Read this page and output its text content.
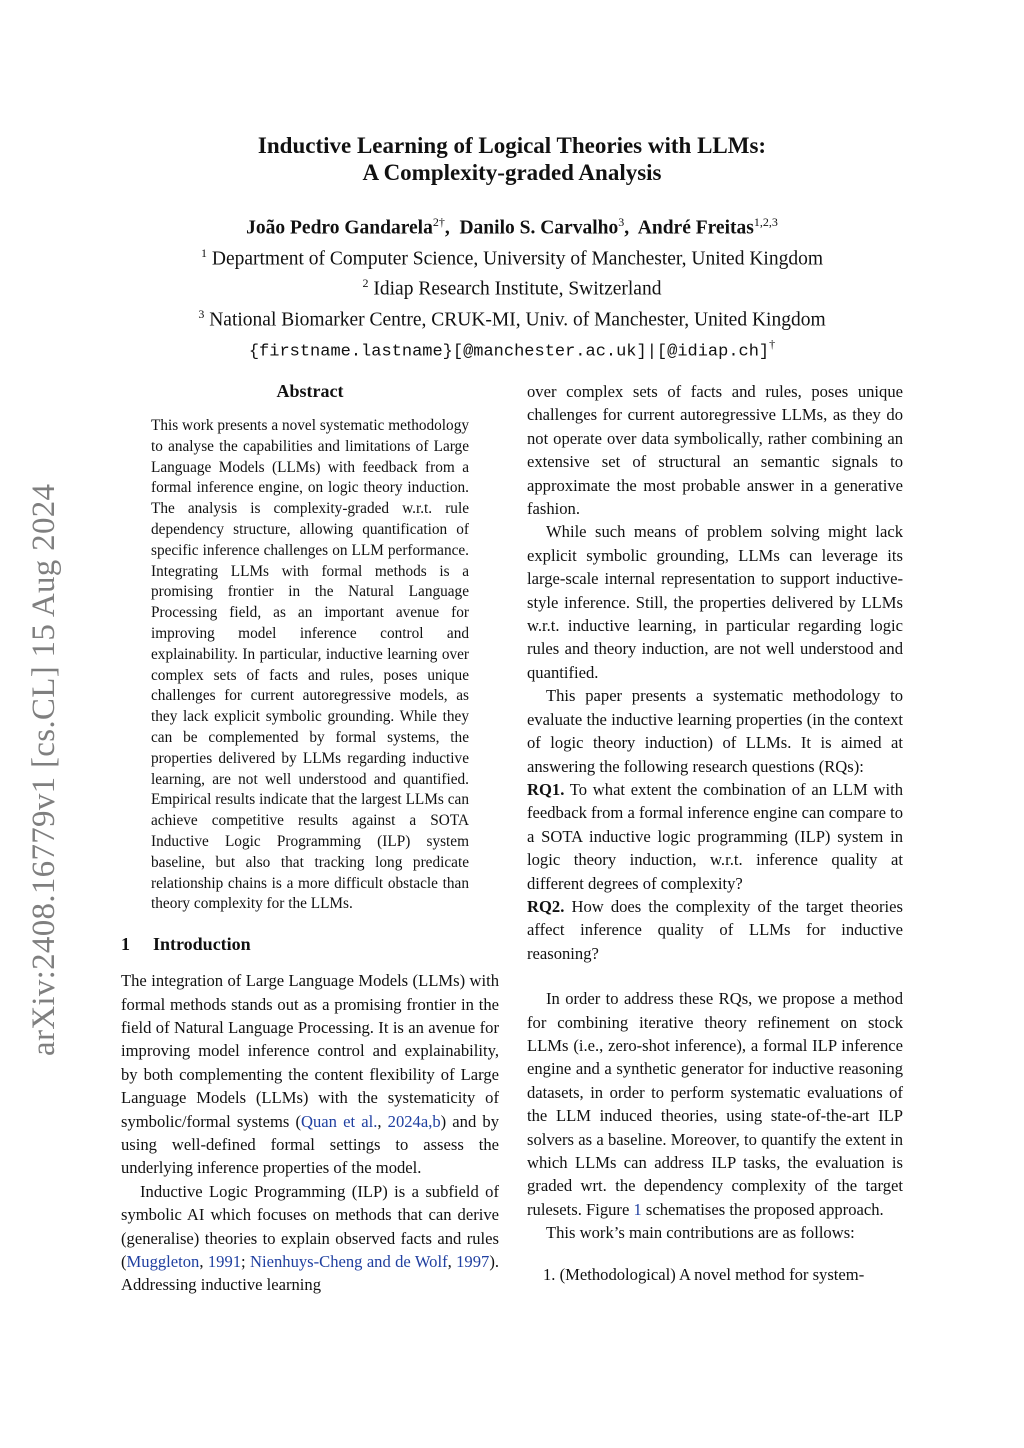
arXiv:2408.16779v1 [cs.CL] 15 Aug 2024
Inductive Learning of Logical Theories with LLMs:
A Complexity-graded Analysis
João Pedro Gandarela$^{2\dagger}$,  Danilo S. Carvalho$^3$,  André Freitas$^{1,2,3}$
$^1$ Department of Computer Science, University of Manchester, United Kingdom
$^2$ Idiap Research Institute, Switzerland
$^3$ National Biomarker Centre, CRUK-MI, Univ. of Manchester, United Kingdom
{firstname.lastname}[@manchester.ac.uk]|[@idiap.ch]†
Abstract
This work presents a novel systematic methodology to analyse the capabilities and limitations of Large Language Models (LLMs) with feedback from a formal inference engine, on logic theory induction. The analysis is complexity-graded w.r.t. rule dependency structure, allowing quantification of specific inference challenges on LLM performance. Integrating LLMs with formal methods is a promising frontier in the Natural Language Processing field, as an important avenue for improving model inference control and explainability. In particular, inductive learning over complex sets of facts and rules, poses unique challenges for current autoregressive models, as they lack explicit symbolic grounding. While they can be complemented by formal systems, the properties delivered by LLMs regarding inductive learning, are not well understood and quantified. Empirical results indicate that the largest LLMs can achieve competitive results against a SOTA Inductive Logic Programming (ILP) system baseline, but also that tracking long predicate relationship chains is a more difficult obstacle than theory complexity for the LLMs.
1 Introduction

The integration of Large Language Models (LLMs) with formal methods stands out as a promising frontier in the field of Natural Language Processing. It is an avenue for improving model inference control and explainability, by both complementing the content flexibility of Large Language Models (LLMs) with the systematicity of symbolic/formal systems (Quan et al., 2024a,b) and by using well-defined formal settings to assess the underlying inference properties of the model.

Inductive Logic Programming (ILP) is a subfield of symbolic AI which focuses on methods that can derive (generalise) theories to explain observed facts and rules (Muggleton, 1991; Nienhuys-Cheng and de Wolf, 1997). Addressing inductive learning

over complex sets of facts and rules, poses unique challenges for current autoregressive LLMs, as they do not operate over data symbolically, rather combining an extensive set of structural an semantic signals to approximate the most probable answer in a generative fashion.

While such means of problem solving might lack explicit symbolic grounding, LLMs can leverage its large-scale internal representation to support inductive-style inference. Still, the properties delivered by LLMs w.r.t. inductive learning, in particular regarding logic rules and theory induction, are not well understood and quantified.

This paper presents a systematic methodology to evaluate the inductive learning properties (in the context of logic theory induction) of LLMs. It is aimed at answering the following research questions (RQs):

RQ1. To what extent the combination of an LLM with feedback from a formal inference engine can compare to a SOTA inductive logic programming (ILP) system in logic theory induction, w.r.t. inference quality at different degrees of complexity?

RQ2. How does the complexity of the target theories affect inference quality of LLMs for inductive reasoning?

In order to address these RQs, we propose a method for combining iterative theory refinement on stock LLMs (i.e., zero-shot inference), a formal ILP inference engine and a synthetic generator for inductive reasoning datasets, in order to perform systematic evaluations of the LLM induced theories, using state-of-the-art ILP solvers as a baseline. Moreover, to quantify the extent in which LLMs can address ILP tasks, the evaluation is graded wrt. the dependency complexity of the target rulesets. Figure 1 schematises the proposed approach.

This work’s main contributions are as follows:

1. (Methodological) A novel method for system-
